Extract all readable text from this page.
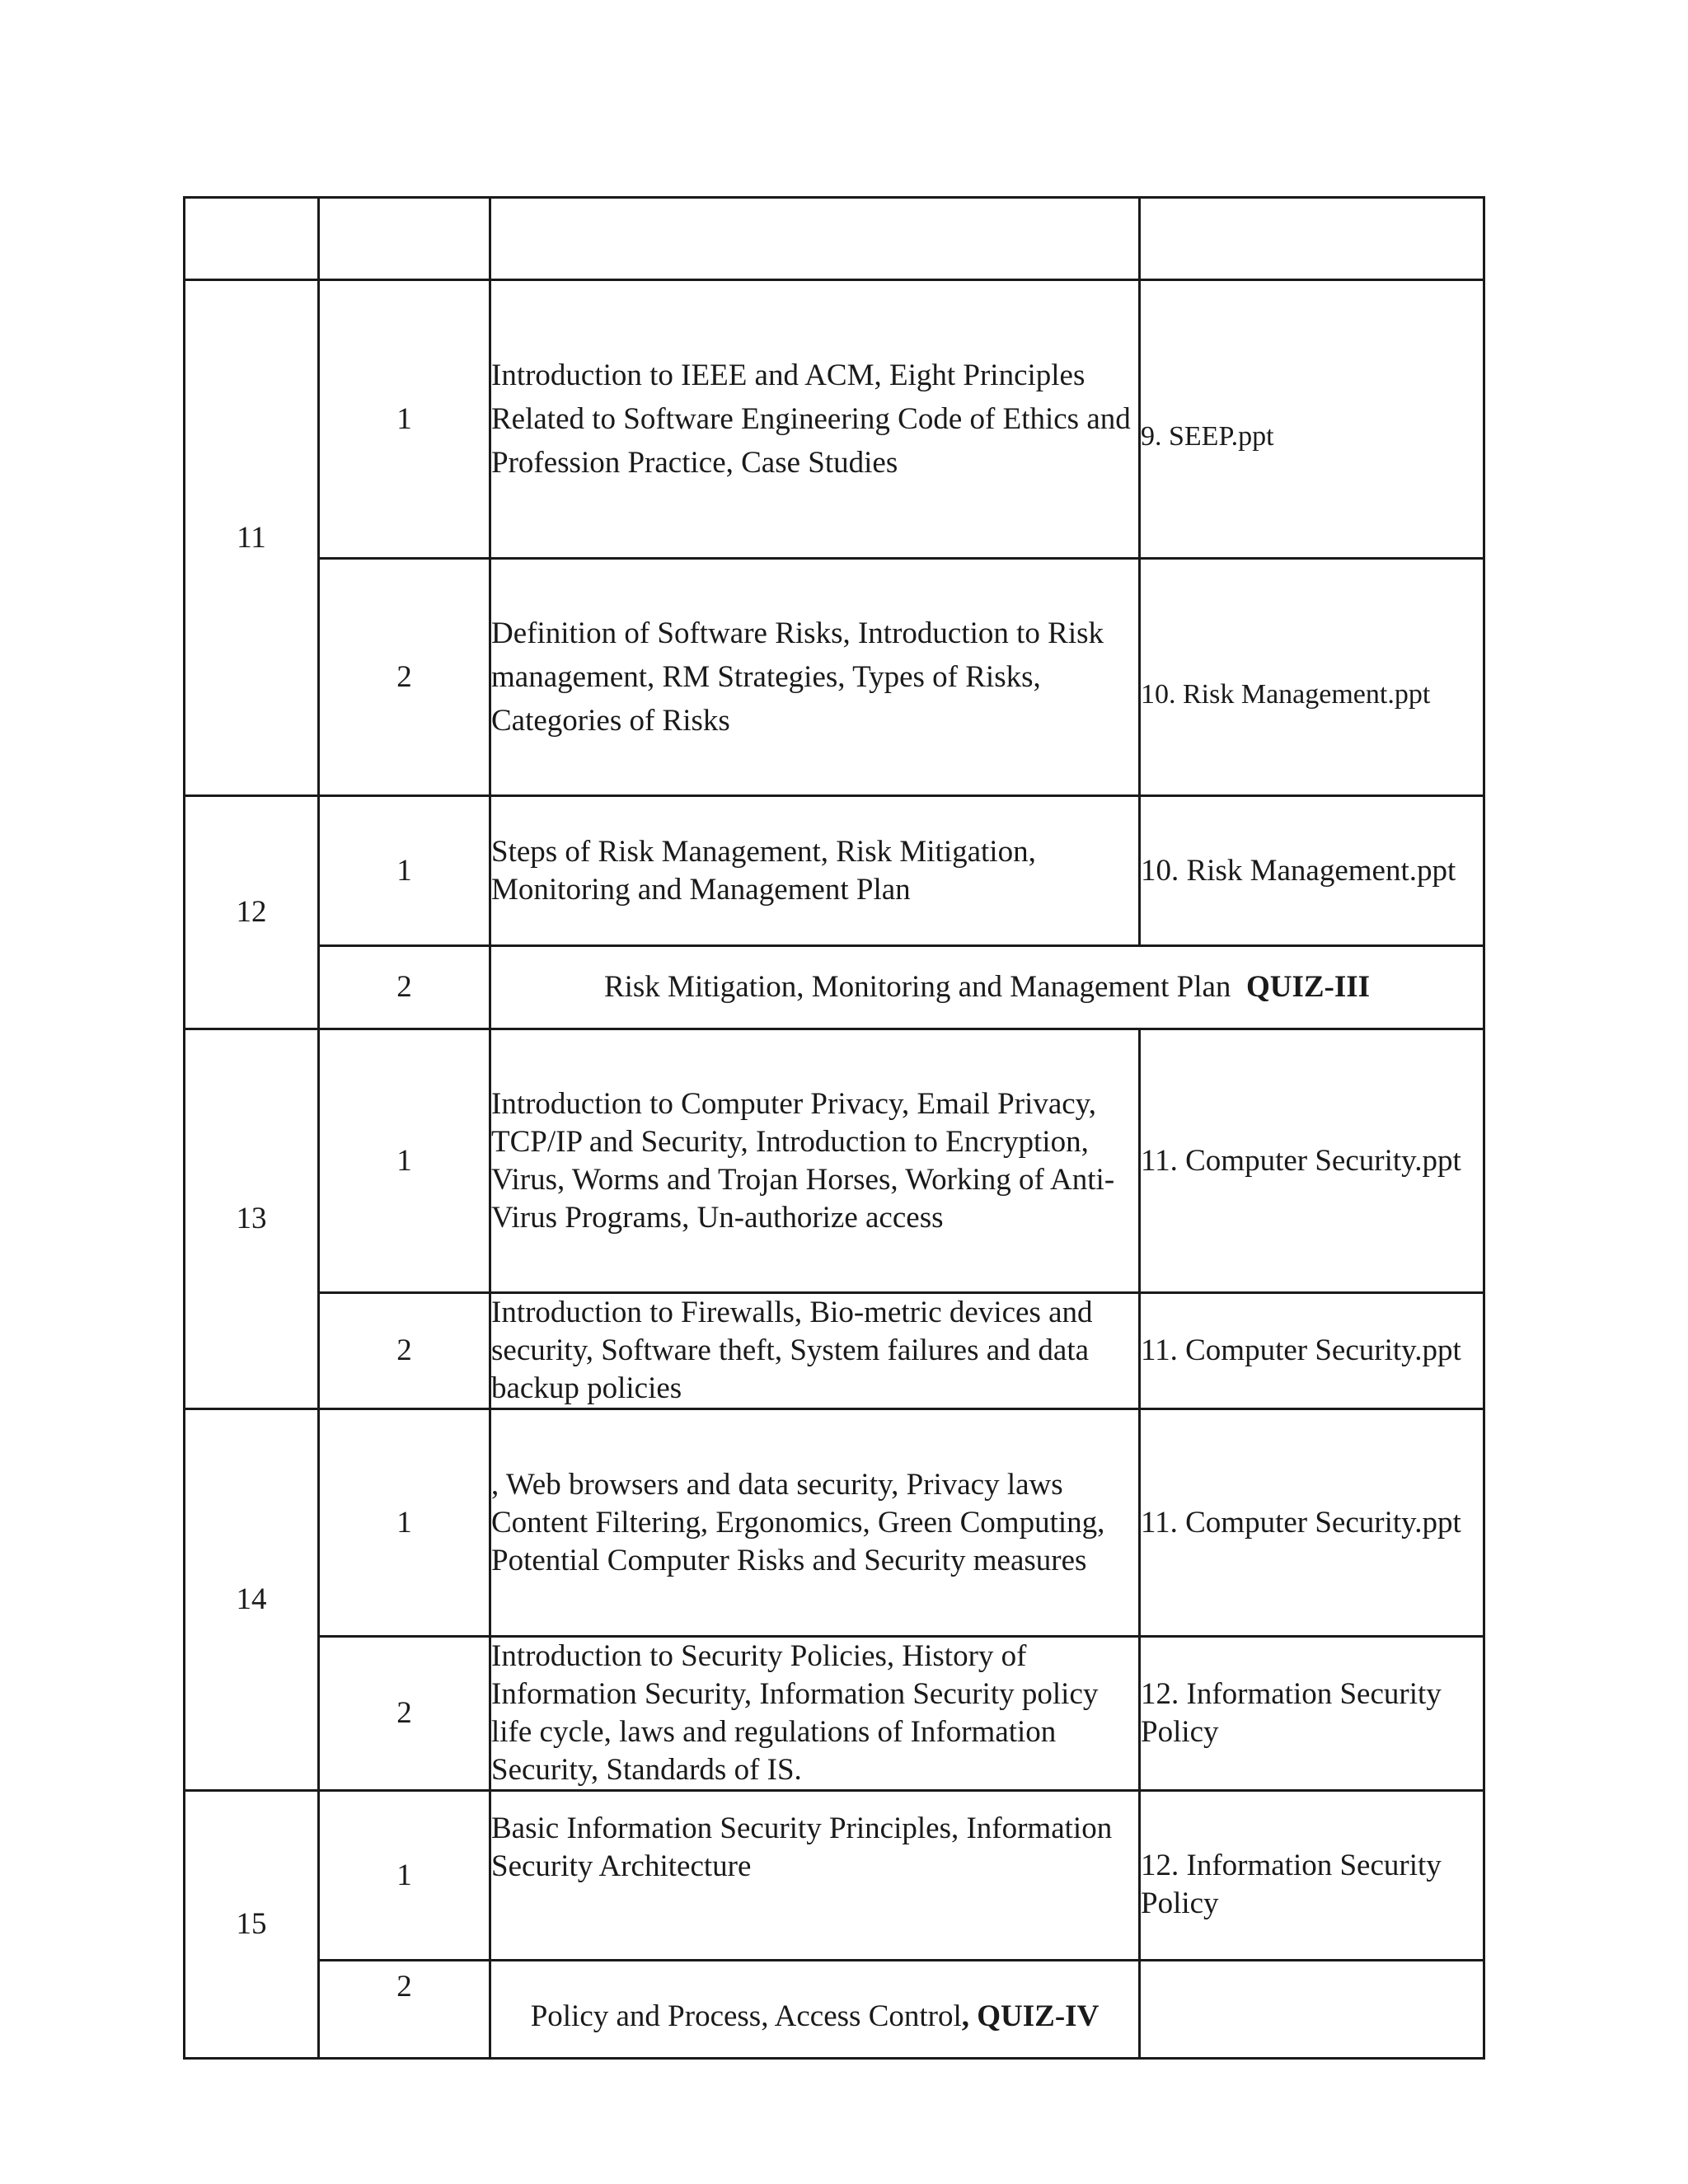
11	1	Introduction to IEEE and ACM, Eight Principles Related to Software Engineering Code of Ethics and Profession Practice, Case Studies	9. SEEP.ppt
	2	Definition of Software Risks, Introduction to Risk management, RM Strategies, Types of Risks, Categories of Risks	10. Risk Management.ppt
12	1	Steps of Risk Management, Risk Mitigation, Monitoring and Management Plan	10. Risk Management.ppt
	2	Risk Mitigation, Monitoring and Management Plan QUIZ-III	
13	1	Introduction to Computer Privacy, Email Privacy, TCP/IP and Security, Introduction to Encryption, Virus, Worms and Trojan Horses, Working of Anti-Virus Programs, Un-authorize access	11. Computer Security.ppt
	2	Introduction to Firewalls, Bio-metric devices and security, Software theft, System failures and data backup policies	11. Computer Security.ppt
14	1	, Web browsers and data security, Privacy laws Content Filtering, Ergonomics, Green Computing, Potential Computer Risks and Security measures	11. Computer Security.ppt
	2	Introduction to Security Policies, History of Information Security, Information Security policy life cycle, laws and regulations of Information Security, Standards of IS.	12. Information Security Policy
15	1	Basic Information Security Principles, Information Security Architecture	12. Information Security Policy
	2	Policy and Process, Access Control, QUIZ-IV	
